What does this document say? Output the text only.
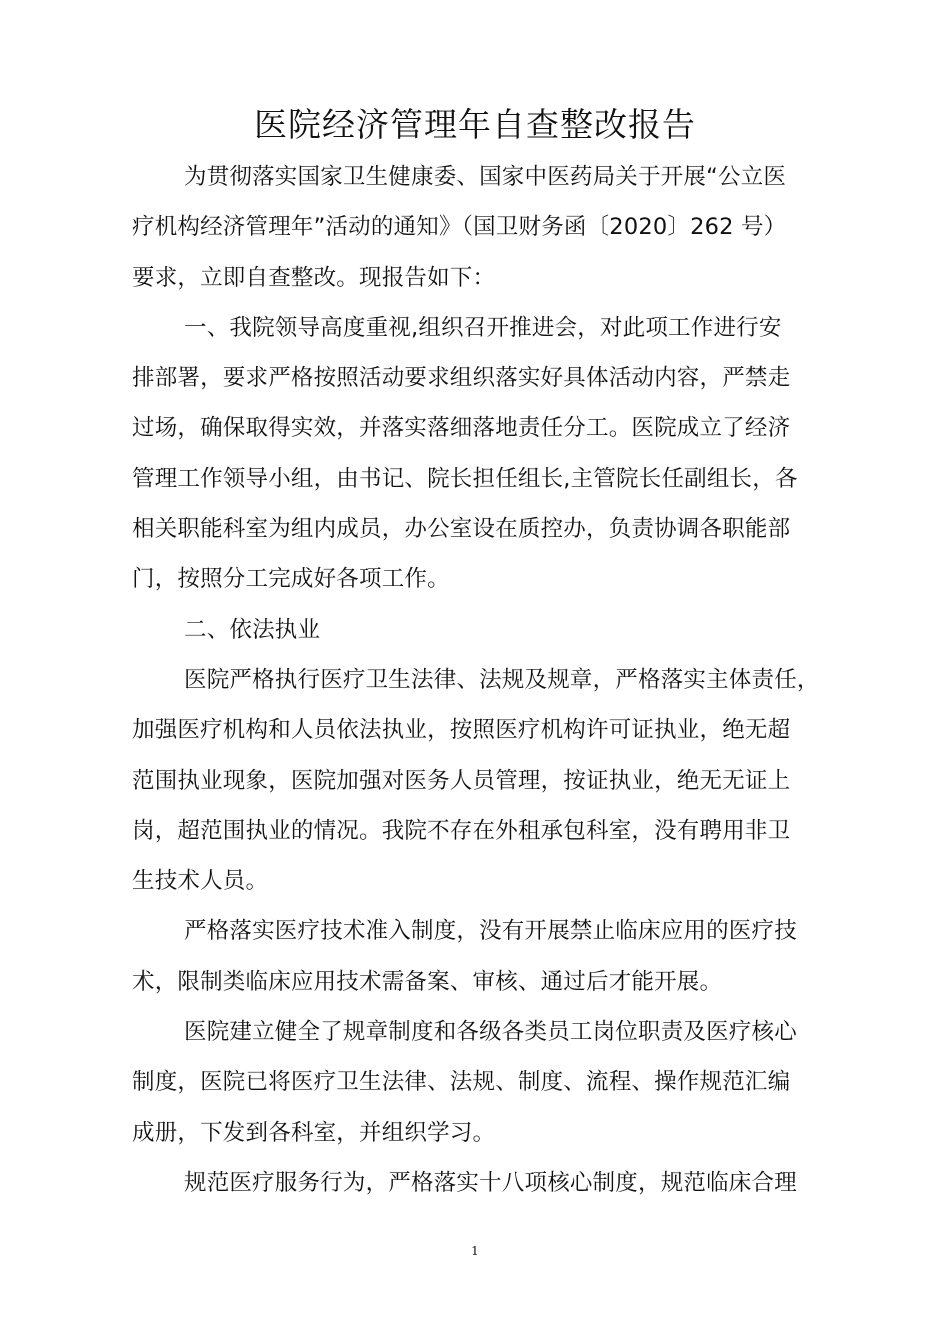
医院经济管理年自查整改报告
为贯彻落实国家卫生健康委、国家中医药局关于开展“公立医
疗机构经济管理年”活动的通知》（国卫财务函〔2020〕262 号）
要求，立即自查整改。现报告如下：
一、我院领导高度重视,组织召开推进会，对此项工作进行安
排部署，要求严格按照活动要求组织落实好具体活动内容，严禁走
过场，确保取得实效，并落实落细落地责任分工。医院成立了经济
管理工作领导小组，由书记、院长担任组长,主管院长任副组长，各
相关职能科室为组内成员，办公室设在质控办，负责协调各职能部
门，按照分工完成好各项工作。
二、依法执业
医院严格执行医疗卫生法律、法规及规章，严格落实主体责任，
加强医疗机构和人员依法执业，按照医疗机构许可证执业，绝无超
范围执业现象，医院加强对医务人员管理，按证执业，绝无无证上
岗，超范围执业的情况。我院不存在外租承包科室，没有聘用非卫
生技术人员。
严格落实医疗技术准入制度，没有开展禁止临床应用的医疗技
术，限制类临床应用技术需备案、审核、通过后才能开展。
医院建立健全了规章制度和各级各类员工岗位职责及医疗核心
制度，医院已将医疗卫生法律、法规、制度、流程、操作规范汇编
成册，下发到各科室，并组织学习。
规范医疗服务行为，严格落实十八项核心制度，规范临床合理
1
